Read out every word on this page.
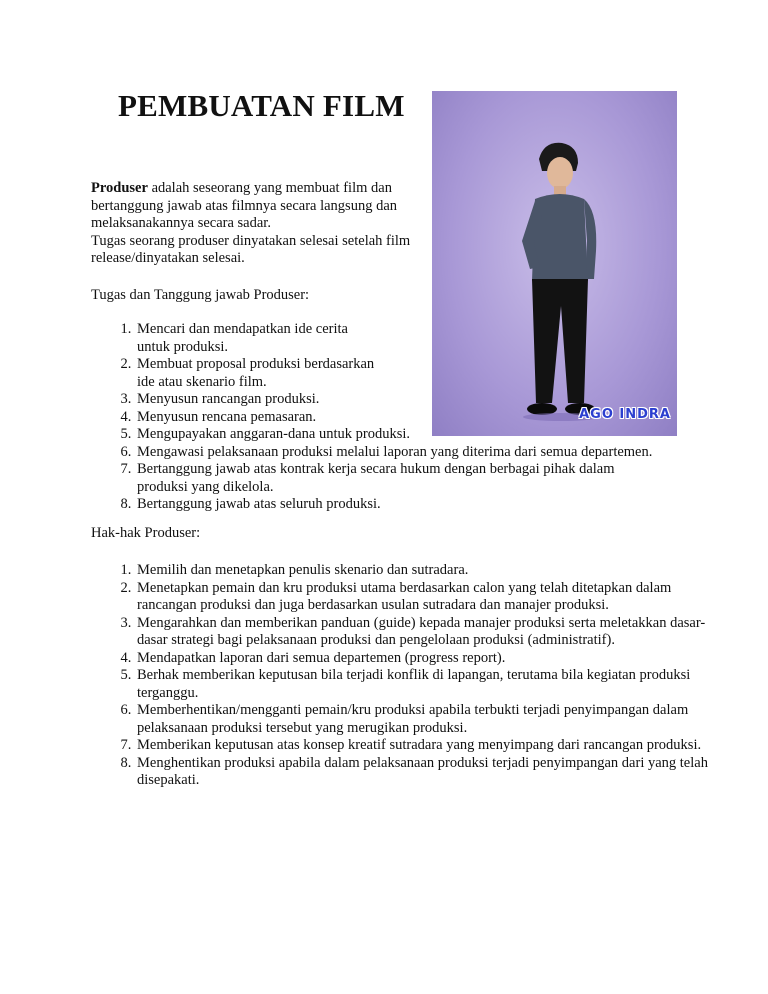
PEMBUATAN FILM
AGO INDRA

Produser adalah seseorang yang membuat film dan bertanggung jawab atas filmnya secara langsung dan melaksanakannya secara sadar.

Tugas seorang produser dinyatakan selesai setelah film release/dinyatakan selesai.

Tugas dan Tanggung jawab Produser:

1. Mencari dan mendapatkan ide cerita untuk produksi.
2. Membuat proposal produksi berdasarkan ide atau skenario film.
3. Menyusun rancangan produksi.
4. Menyusun rencana pemasaran.
5. Mengupayakan anggaran-dana untuk produksi.
6. Mengawasi pelaksanaan produksi melalui laporan yang diterima dari semua departemen.
7. Bertanggung jawab atas kontrak kerja secara hukum dengan berbagai pihak dalam produksi yang dikelola.
8. Bertanggung jawab atas seluruh produksi.

Hak-hak Produser:

1. Memilih dan menetapkan penulis skenario dan sutradara.
2. Menetapkan pemain dan kru produksi utama berdasarkan calon yang telah ditetapkan dalam rancangan produksi dan juga berdasarkan usulan sutradara dan manajer produksi.
3. Mengarahkan dan memberikan panduan (guide) kepada manajer produksi serta meletakkan dasar-dasar strategi bagi pelaksanaan produksi dan pengelolaan produksi (administratif).
4. Mendapatkan laporan dari semua departemen (progress report).
5. Berhak memberikan keputusan bila terjadi konflik di lapangan, terutama bila kegiatan produksi terganggu.
6. Memberhentikan/mengganti pemain/kru produksi apabila terbukti terjadi penyimpangan dalam pelaksanaan produksi tersebut yang merugikan produksi.
7. Memberikan keputusan atas konsep kreatif sutradara yang menyimpang dari rancangan produksi.
8. Menghentikan produksi apabila dalam pelaksanaan produksi terjadi penyimpangan dari yang telah disepakati.
